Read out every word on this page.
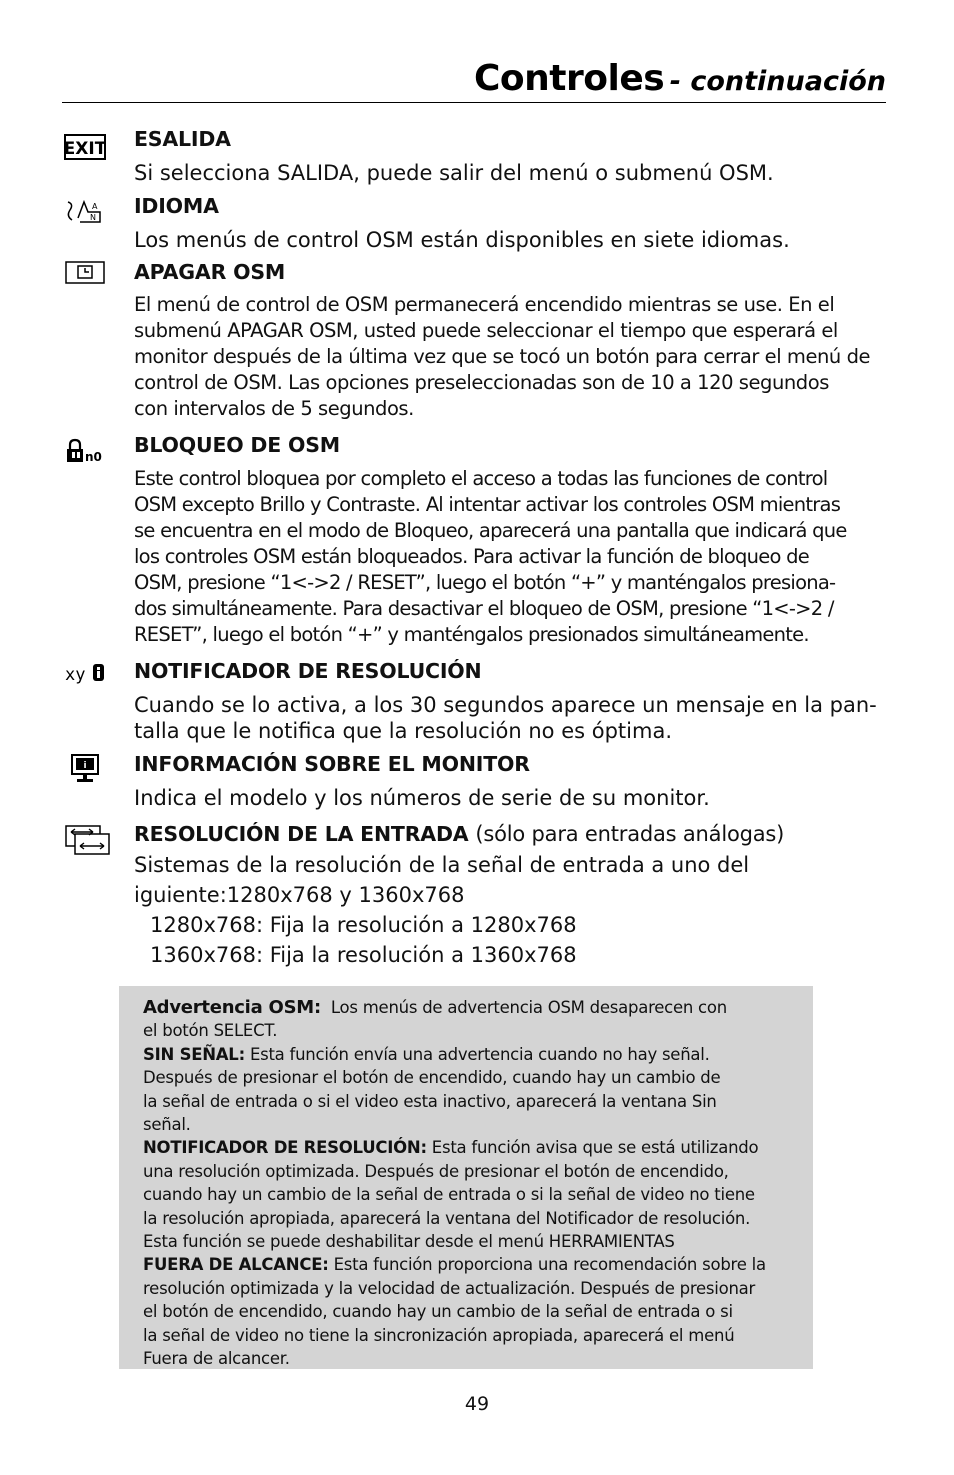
Controles - continuación
EXIT ESALIDA
Si selecciona SALIDA, puede salir del menú o submenú OSM.
A
N IDIOMA
Los menús de control OSM están disponibles en siete idiomas.
APAGAR OSM
El menú de control de OSM permanecerá encendido mientras se use. En el
submenú APAGAR OSM, usted puede seleccionar el tiempo que esperará el
monitor después de la última vez que se tocó un botón para cerrar el menú de
control de OSM. Las opciones preseleccionadas son de 10 a 120 segundos
con intervalos de 5 segundos.
n0 BLOQUEO DE OSM
Este control bloquea por completo el acceso a todas las funciones de control
OSM excepto Brillo y Contraste. Al intentar activar los controles OSM mientras
se encuentra en el modo de Bloqueo, aparecerá una pantalla que indicará que
los controles OSM están bloqueados. Para activar la función de bloqueo de
OSM, presione “1<->2 / RESET”, luego el botón “+” y manténgalos presiona-
dos simultáneamente. Para desactivar el bloqueo de OSM, presione “1<->2 /
RESET”, luego el botón “+” y manténgalos presionados simultáneamente.
xy NOTIFICADOR DE RESOLUCIÓN
Cuando se lo activa, a los 30 segundos aparece un mensaje en la pan-
talla que le notifica que la resolución no es óptima.
i INFORMACIÓN SOBRE EL MONITOR
Indica el modelo y los números de serie de su monitor.
RESOLUCIÓN DE LA ENTRADA (sólo para entradas análogas)
Sistemas de la resolución de la señal de entrada a uno del
iguiente:1280x768 y 1360x768
1280x768: Fija la resolución a 1280x768
1360x768: Fija la resolución a 1360x768
Advertencia OSM: Los menús de advertencia OSM desaparecen con
el botón SELECT.
SIN SEÑAL: Esta función envía una advertencia cuando no hay señal.
Después de presionar el botón de encendido, cuando hay un cambio de
la señal de entrada o si el video esta inactivo, aparecerá la ventana Sin
señal.
NOTIFICADOR DE RESOLUCIÓN: Esta función avisa que se está utilizando
una resolución optimizada. Después de presionar el botón de encendido,
cuando hay un cambio de la señal de entrada o si la señal de video no tiene
la resolución apropiada, aparecerá la ventana del Notificador de resolución.
Esta función se puede deshabilitar desde el menú HERRAMIENTAS
FUERA DE ALCANCE: Esta función proporciona una recomendación sobre la
resolución optimizada y la velocidad de actualización. Después de presionar
el botón de encendido, cuando hay un cambio de la señal de entrada o si
la señal de video no tiene la sincronización apropiada, aparecerá el menú
Fuera de alcancer.
49
